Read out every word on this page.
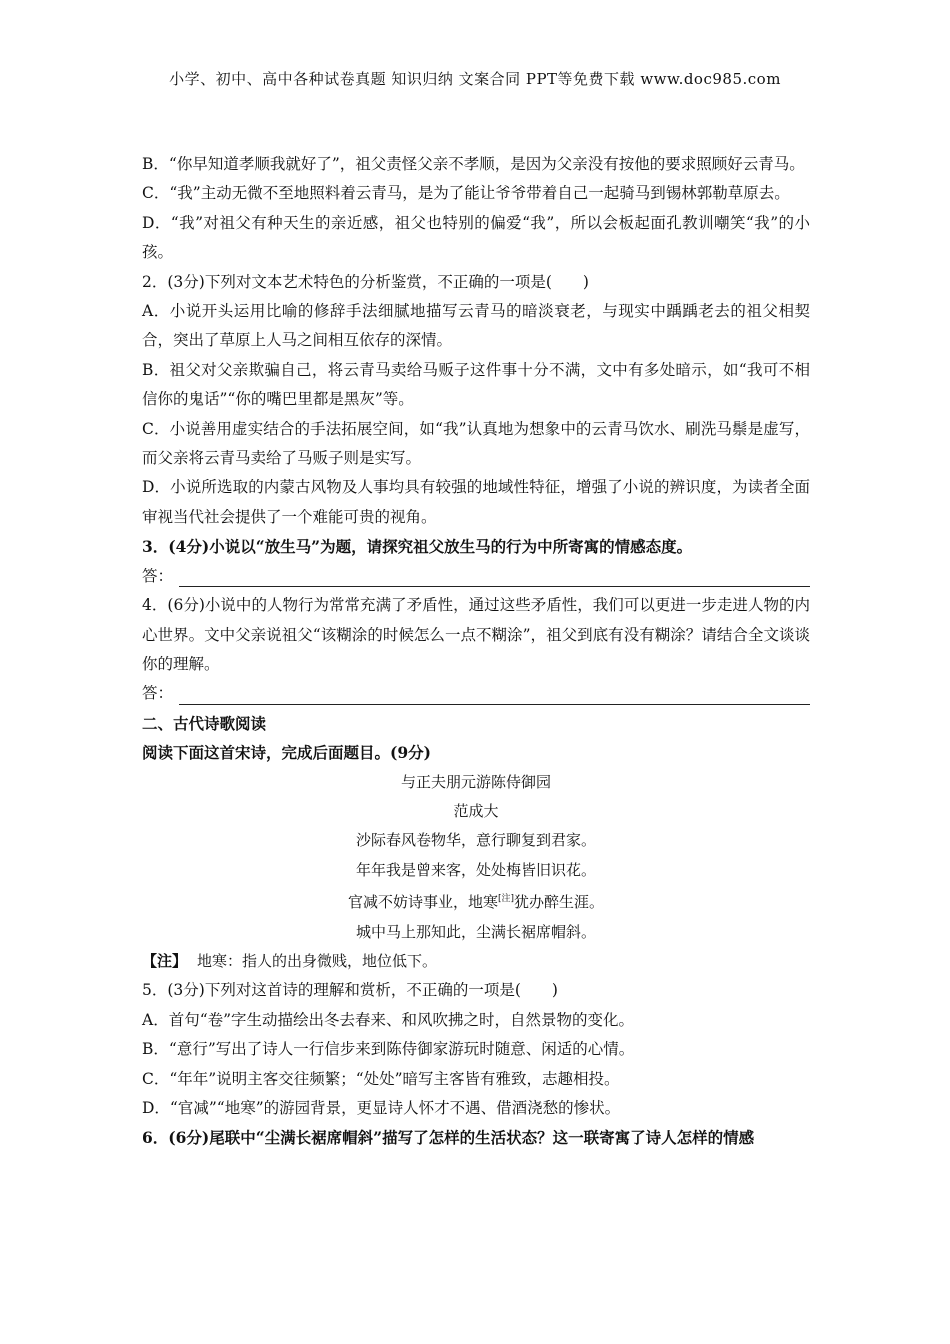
小学、初中、高中各种试卷真题 知识归纳 文案合同 PPT等免费下载 www.doc985.com

B．“你早知道孝顺我就好了”，祖父责怪父亲不孝顺，是因为父亲没有按他的要求照顾好云青马。

C．“我”主动无微不至地照料着云青马，是为了能让爷爷带着自己一起骑马到锡林郭勒草原去。

D．“我”对祖父有种天生的亲近感，祖父也特别的偏爱“我”，所以会板起面孔教训嘲笑“我”的小孩。

2．(3分)下列对文本艺术特色的分析鉴赏，不正确的一项是(　　)

A．小说开头运用比喻的修辞手法细腻地描写云青马的暗淡衰老，与现实中踽踽老去的祖父相契合，突出了草原上人马之间相互依存的深情。

B．祖父对父亲欺骗自己，将云青马卖给马贩子这件事十分不满，文中有多处暗示，如“我可不相信你的鬼话”“你的嘴巴里都是黑灰”等。

C．小说善用虚实结合的手法拓展空间，如“我”认真地为想象中的云青马饮水、刷洗马鬃是虚写，而父亲将云青马卖给了马贩子则是实写。

D．小说所选取的内蒙古风物及人事均具有较强的地域性特征，增强了小说的辨识度，为读者全面审视当代社会提供了一个难能可贵的视角。

3．(4分)小说以“放生马”为题，请探究祖父放生马的行为中所寄寓的情感态度。

答：

4．(6分)小说中的人物行为常常充满了矛盾性，通过这些矛盾性，我们可以更进一步走进人物的内心世界。文中父亲说祖父“该糊涂的时候怎么一点不糊涂”，祖父到底有没有糊涂？请结合全文谈谈你的理解。

答：

二、古代诗歌阅读

阅读下面这首宋诗，完成后面题目。(9分)

与正夫朋元游陈侍御园

范成大

沙际春风卷物华，意行聊复到君家。

年年我是曾来客，处处梅皆旧识花。

官减不妨诗事业，地寒[注]犹办醉生涯。

城中马上那知此，尘满长裾席帽斜。

【注】 地寒：指人的出身微贱，地位低下。

5．(3分)下列对这首诗的理解和赏析，不正确的一项是(　　)

A．首句“卷”字生动描绘出冬去春来、和风吹拂之时，自然景物的变化。

B．“意行”写出了诗人一行信步来到陈侍御家游玩时随意、闲适的心情。

C．“年年”说明主客交往频繁；“处处”暗写主客皆有雅致，志趣相投。

D．“官减”“地寒”的游园背景，更显诗人怀才不遇、借酒浇愁的惨状。

6．(6分)尾联中“尘满长裾席帽斜”描写了怎样的生活状态？这一联寄寓了诗人怎样的情感
